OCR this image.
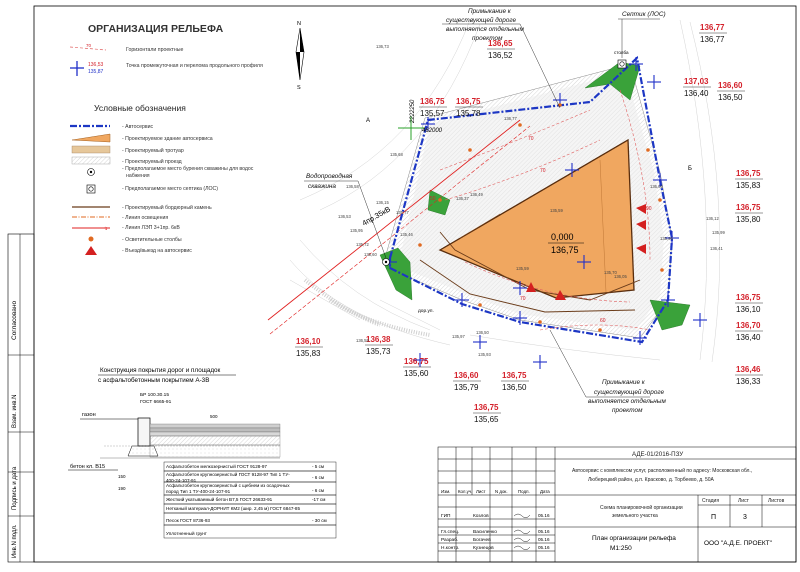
Согласовано
Взам. инв.N
Подпись и дата
Инв.N подл.
ОРГАНИЗАЦИЯ РЕЛЬЕФА
70
Горизонтали проектные
136,53
135,87
Точка промежуточная и перелома продольного профиля
Условные обозначения
↯
- Автосервис
- Проектируемое здание автосервиса
- Проектируемый тротуар
- Проектируемый проезд
- Предполагаемое место бурения скважины для водос
набжения
- Предполагаемое место септика (ЛОС)
- Проектируемый бордюрный камень
- Линия освещения
- Линия ЛЭП 3+1пр. 6кВ
- Осветительные столбы
- Въезд/выезд на автосервис
Конструкция покрытия дорог и площадок
с асфальтобетонным покрытием А-3В
БР 100.30.15
ГОСТ 6665-91
газон
бетон кл. В15
150
190
500
Асфальтобетон мелкозернистый ГОСТ 9128-97	- 5 см
Асфальтобетон крупнозернистый ГОСТ 9128-97 Тип 1 ТУ-
400-24-107-91
- 6 см
Асфальтобетон крупнозернистый с щебнем из осадочных
пород Тип 1 ТУ-400-24-107-91	- 6 см
Жесткий укатываемый бетон В7,5 ГОСТ 26633-91	-17 см
Нетканый материал-ДОРНИТ КМ2 (шир. 2,45 м) ГОСТ 6847-85
Песок ГОСТ 8736-93	- 30 см
Уплотненный грунт
70
70
70
60
90
50
N
S
2222250
462000
4пр.35кВ
A
Б
дор.уп.
столба
Примыкание к
существующей дороге
выполняется отдельным
проектом
Септик (ЛОС)
Водопроводная
скважина
Примыкание к
существующей дороге
выполняется отдельным
проектом
0,000
136,75
136,65
136,52
136,77
136,77
136,75
135,78
137,03
136,40
136,60
136,50
136,75
135,57
136,75
135,83
136,75
135,80
136,75
136,10
136,70
136,40
136,10
135,83
136,38
135,73
136,75
135,60	136,60
135,79
136,75
135,65
136,75
136,50
136,46
136,33
136,73
135,59
135,70
135,59
136,58
135,68
136,77
136,41
136,53
136,49
136,37
136,05
135,95
135,72
136,59
135,46
136,12
135,99
136,50
135,97
135,93
135,77
136,15
136,05
135,96
135,60
АДЕ-01/2016-ПЗУ
Автосервис с комплексом услуг, расположенный по адресу: Московская обл.,
Люберецкий район, д.п. Красково, д. Торбеево, д. 50А
Изм. Кол.уч. Лист N док. Подп. Дата
ГИП	Козлов	05.16
Гл.спец.	Василенко	05.16
Разраб.	Богачев	05.16
Н.контр.	Кузнецов	05.16
Схема планировочной организации
земельного участка
Стадия	Лист	Листов
П	3
План организации рельефа
М1:250
ООО "А.Д.Е. ПРОЕКТ"
